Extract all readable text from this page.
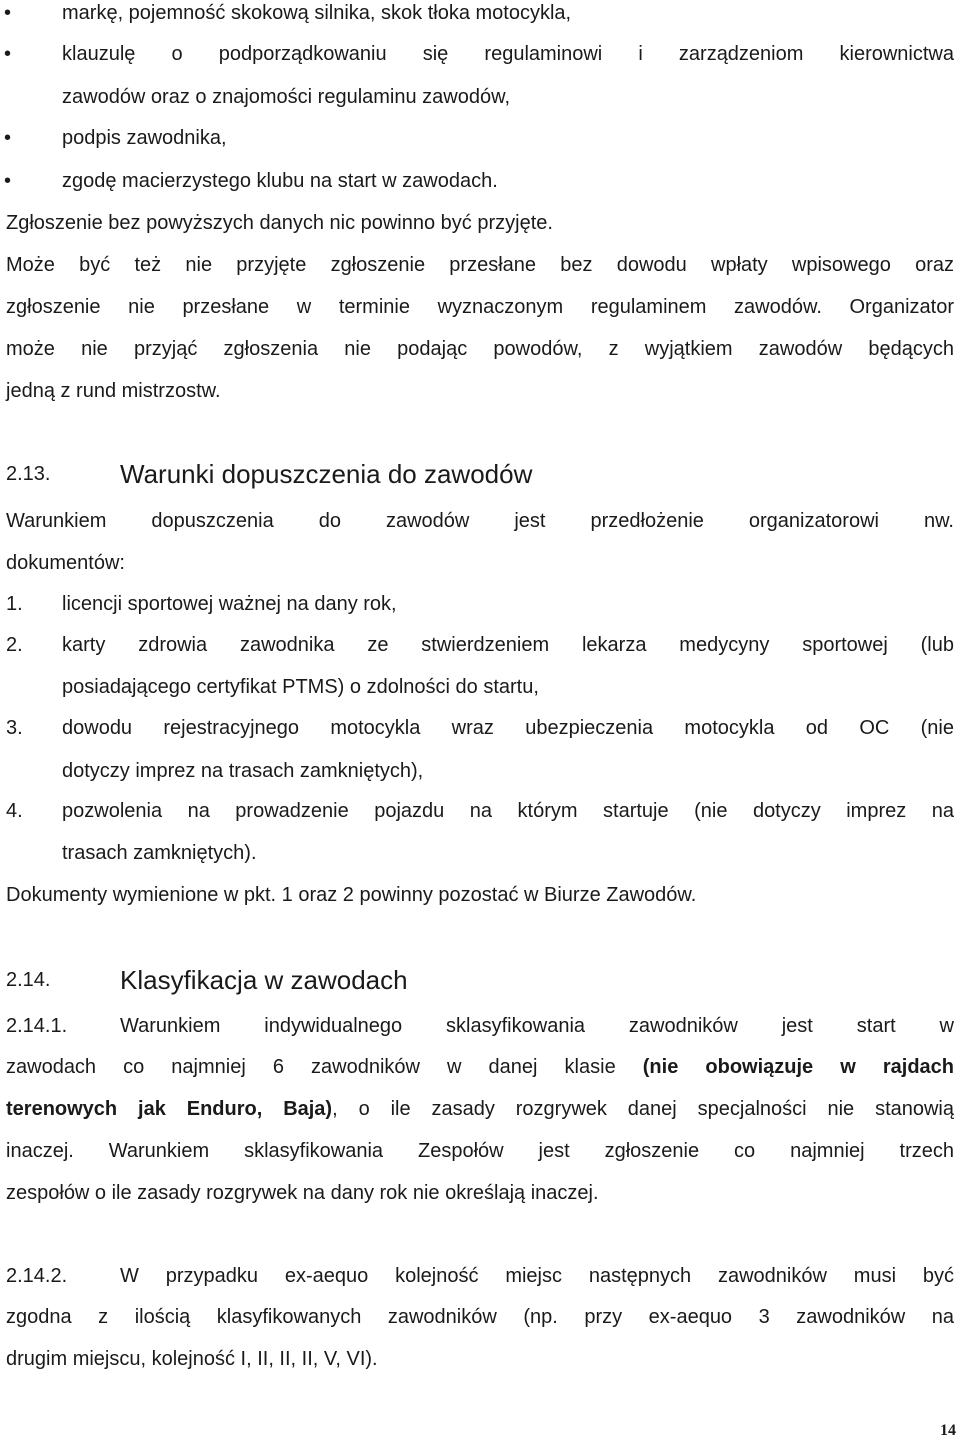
•	markę, pojemność skokową silnika, skok tłoka motocykla,
•	klauzulę o podporządkowaniu się regulaminowi i zarządzeniom kierownictwa
zawodów oraz o znajomości regulaminu zawodów,
•	podpis zawodnika,
•	zgodę macierzystego klubu na start w zawodach.
Zgłoszenie bez powyższych danych nic powinno być przyjęte.
Może być też nie przyjęte zgłoszenie przesłane bez dowodu wpłaty wpisowego oraz
zgłoszenie nie przesłane w terminie wyznaczonym regulaminem zawodów. Organizator
może nie przyjąć zgłoszenia nie podając powodów, z wyjątkiem zawodów będących
jedną z rund mistrzostw.
2.13.	Warunki dopuszczenia do zawodów
Warunkiem dopuszczenia do zawodów jest przedłożenie organizatorowi nw.
dokumentów:
1. licencji sportowej ważnej na dany rok,
2. karty zdrowia zawodnika ze stwierdzeniem lekarza medycyny sportowej (lub
posiadającego certyfikat PTMS) o zdolności do startu,
3. dowodu rejestracyjnego motocykla wraz ubezpieczenia motocykla od OC (nie
dotyczy imprez na trasach zamkniętych),
4. pozwolenia na prowadzenie pojazdu na którym startuje (nie dotyczy imprez na
trasach zamkniętych).
Dokumenty wymienione w pkt. 1 oraz 2 powinny pozostać w Biurze Zawodów.
2.14.	Klasyfikacja w zawodach
2.14.1.	Warunkiem indywidualnego sklasyfikowania zawodników jest start w
zawodach co najmniej 6 zawodników w danej klasie (nie obowiązuje w rajdach
terenowych jak Enduro, Baja), o ile zasady rozgrywek danej specjalności nie stanowią
inaczej. Warunkiem sklasyfikowania Zespołów jest zgłoszenie co najmniej trzech
zespołów o ile zasady rozgrywek na dany rok nie określają inaczej.
2.14.2.	W przypadku ex-aequo kolejność miejsc następnych zawodników musi być
zgodna z ilością klasyfikowanych zawodników (np. przy ex-aequo 3 zawodników na
drugim miejscu, kolejność I, II, II, II, V, VI).
14
